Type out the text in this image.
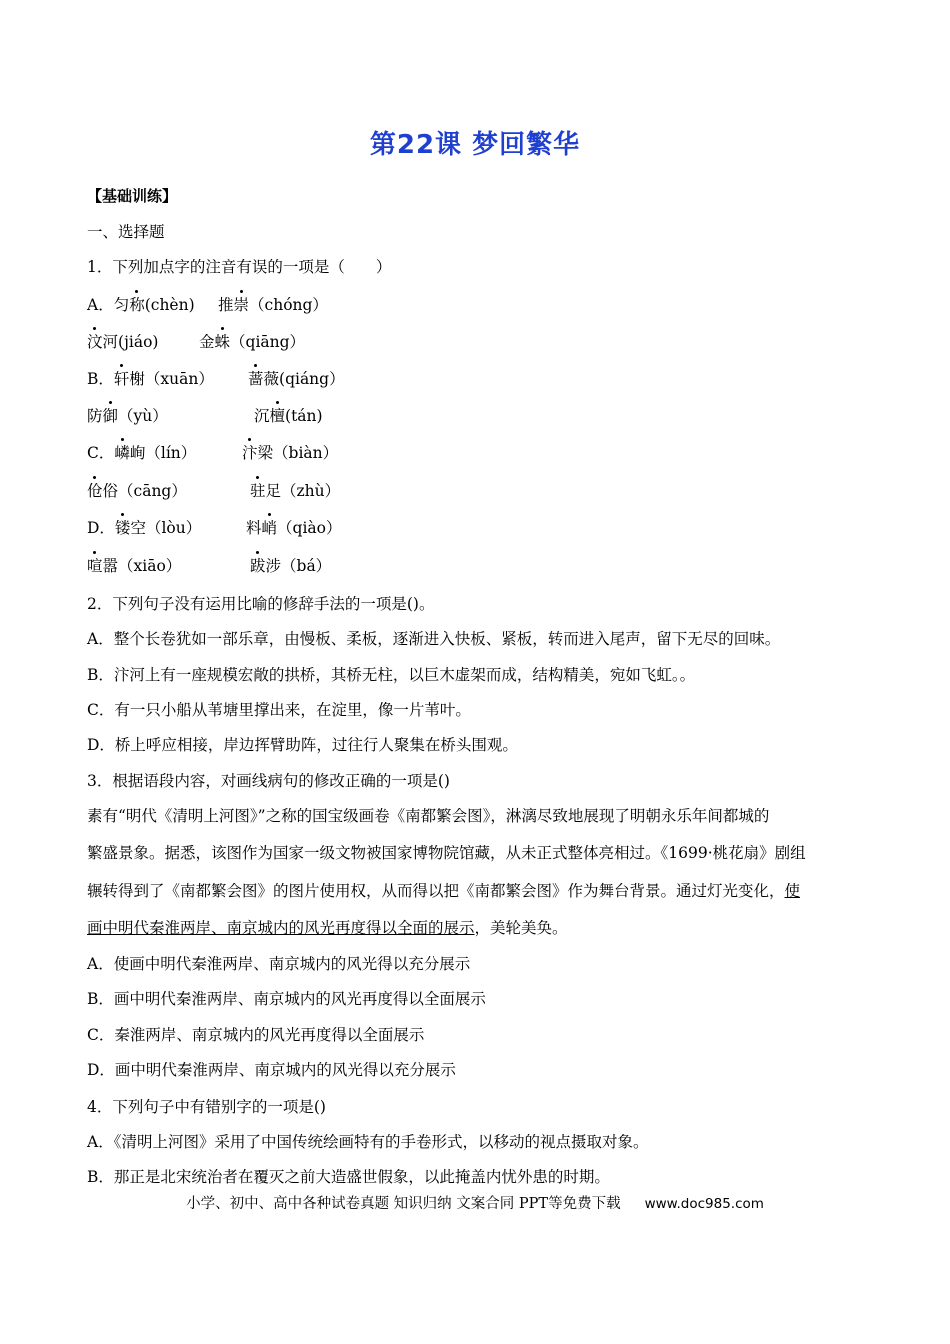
第22课 梦回繁华
【基础训练】
一、选择题
1．下列加点字的注音有误的一项是（　　）
A．匀称(chèn) 推崇（chóng）
汶河(jiáo)	金蛛（qiāng）
B．轩榭（xuān） 蔷薇(qiáng）
防御（yù）	沉檀(tán)
C．嶙峋（lín）	汴梁（biàn）
伧俗（cāng）	驻足（zhù）
D．镂空（lòu）	料峭（qiào）
喧嚣（xiāo）	跋涉（bá）
2．下列句子没有运用比喻的修辞手法的一项是()。
A．整个长卷犹如一部乐章，由慢板、柔板，逐渐进入快板、紧板，转而进入尾声，留下无尽的回味。
B．汴河上有一座规模宏敞的拱桥，其桥无柱，以巨木虚架而成，结构精美，宛如飞虹。。
C．有一只小船从苇塘里撑出来，在淀里，像一片苇叶。
D．桥上呼应相接，岸边挥臂助阵，过往行人聚集在桥头围观。
3．根据语段内容，对画线病句的修改正确的一项是()
素有“明代《清明上河图》”之称的国宝级画卷《南都繁会图》，淋漓尽致地展现了明朝永乐年间都城的
繁盛景象。据悉，该图作为国家一级文物被国家博物院馆藏，从未正式整体亮相过。《1699·桃花扇》剧组
辗转得到了《南都繁会图》的图片使用权，从而得以把《南都繁会图》作为舞台背景。通过灯光变化，使
画中明代秦淮两岸、南京城内的风光再度得以全面的展示，美轮美奂。
A．使画中明代秦淮两岸、南京城内的风光得以充分展示
B．画中明代秦淮两岸、南京城内的风光再度得以全面展示
C．秦淮两岸、南京城内的风光再度得以全面展示
D．画中明代秦淮两岸、南京城内的风光得以充分展示
4．下列句子中有错别字的一项是()
A．《清明上河图》采用了中国传统绘画特有的手卷形式，以移动的视点摄取对象。
B．那正是北宋统治者在覆灭之前大造盛世假象，以此掩盖内忧外患的时期。
小学、初中、高中各种试卷真题 知识归纳 文案合同 PPT等免费下载 www.doc985.com
